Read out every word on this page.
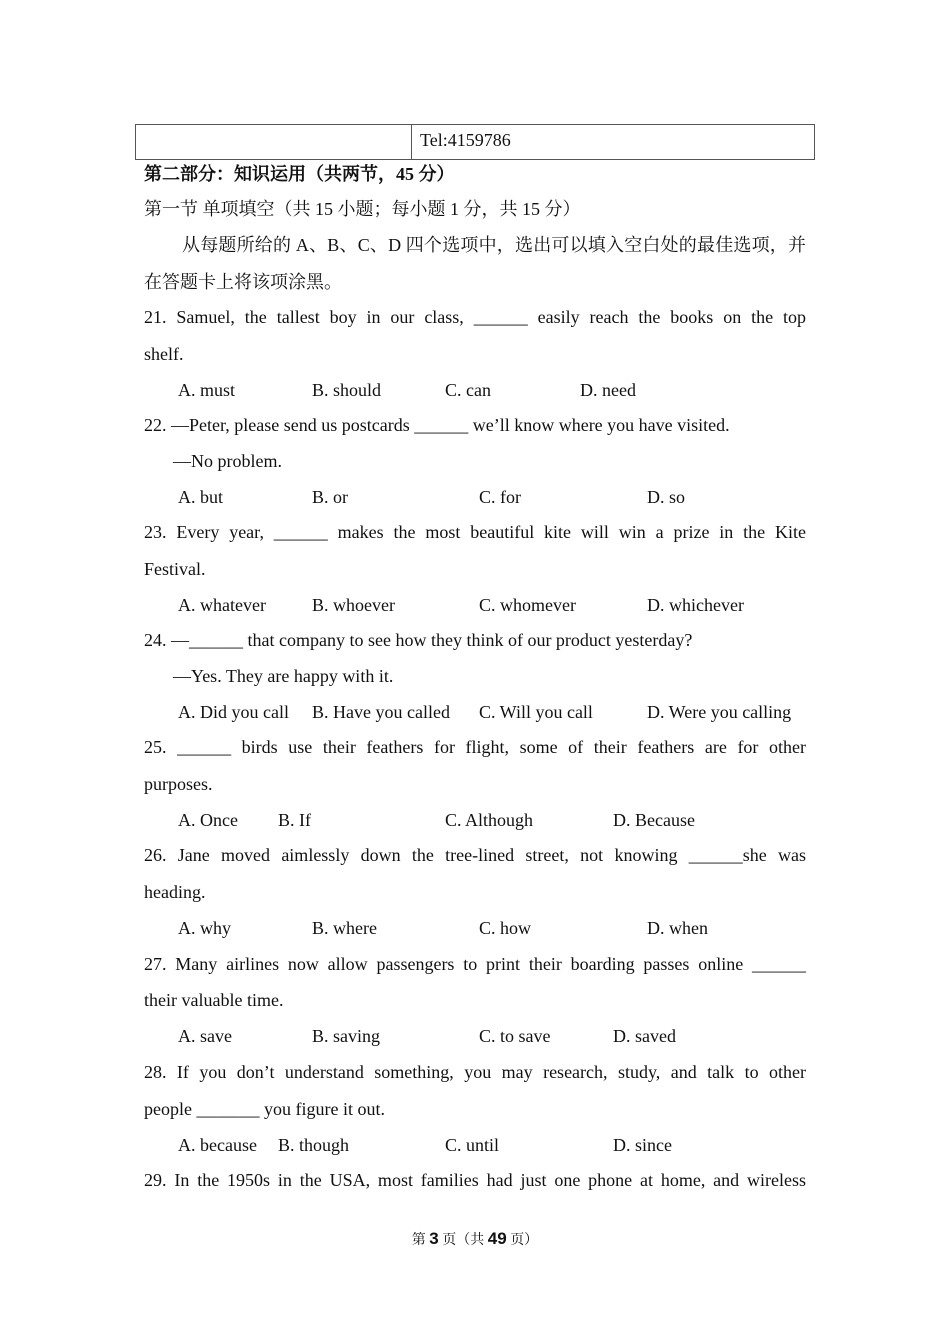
Tel:4159786
第二部分：知识运用（共两节，45 分）
第一节 单项填空（共 15 小题；每小题 1 分，共 15 分）
从每题所给的 A、B、C、D 四个选项中，选出可以填入空白处的最佳选项，并
在答题卡上将该项涂黑。
21. Samuel, the tallest boy in our class, ______ easily reach the books on the top
shelf.
A. must	B. should	C. can	D. need
22. —Peter, please send us postcards ______ we’ll know where you have visited.
—No problem.
A. but	B. or	C. for	D. so
23. Every year, ______ makes the most beautiful kite will win a prize in the Kite
Festival.
A. whatever	B. whoever	C. whomever	D. whichever
24. —______ that company to see how they think of our product yesterday?
—Yes. They are happy with it.
A. Did you call B. Have you called C. Will you call	D. Were you calling
25. ______ birds use their feathers for flight, some of their feathers are for other
purposes.
A. Once B. If	C. Although	D. Because
26. Jane moved aimlessly down the tree-lined street, not knowing ______she was
heading.
A. why	B. where	C. how	D. when
27. Many airlines now allow passengers to print their boarding passes online ______
their valuable time.
A. save	B. saving	C. to save	D. saved
28. If you don’t understand something, you may research, study, and talk to other
people _______ you figure it out.
A. because B. though	C. until	D. since
29. In the 1950s in the USA, most families had just one phone at home, and wireless
第 3 页（共 49 页）
